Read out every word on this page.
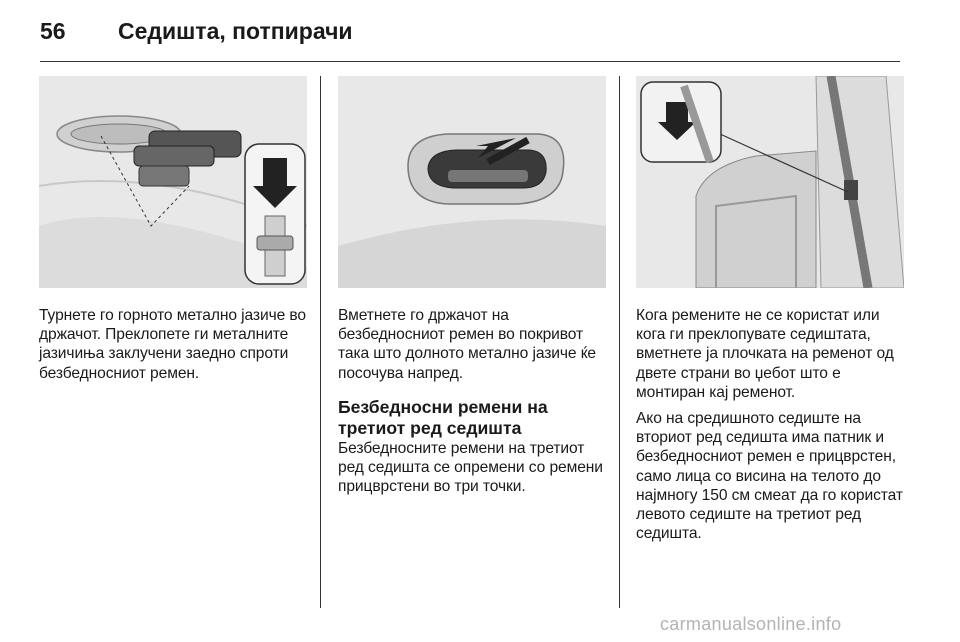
56 Седишта, потпирачи

Турнете го горното метално јазиче во држачот. Преклопете ги металните јазичиња заклучени заедно спроти безбедносниот ремен.

Вметнете го држачот на безбедносниот ремен во покривот така што долното метално јазиче ќе посочува напред.

Безбедносни ремени на третиот ред седишта

Безбедносните ремени на третиот ред седишта се опремени со ремени прицврстени во три точки.

Кога ремените не се користат или кога ги преклопувате седиштата, вметнете ја плочката на ременот од двете страни во џебот што е монтиран кај ременот.

Ако на средишното седиште на вториот ред седишта има патник и безбедносниот ремен е прицврстен, само лица со висина на телото до најмногу 150 см смеат да го користат левото седиште на третиот ред седишта.

carmanualsonline.info
